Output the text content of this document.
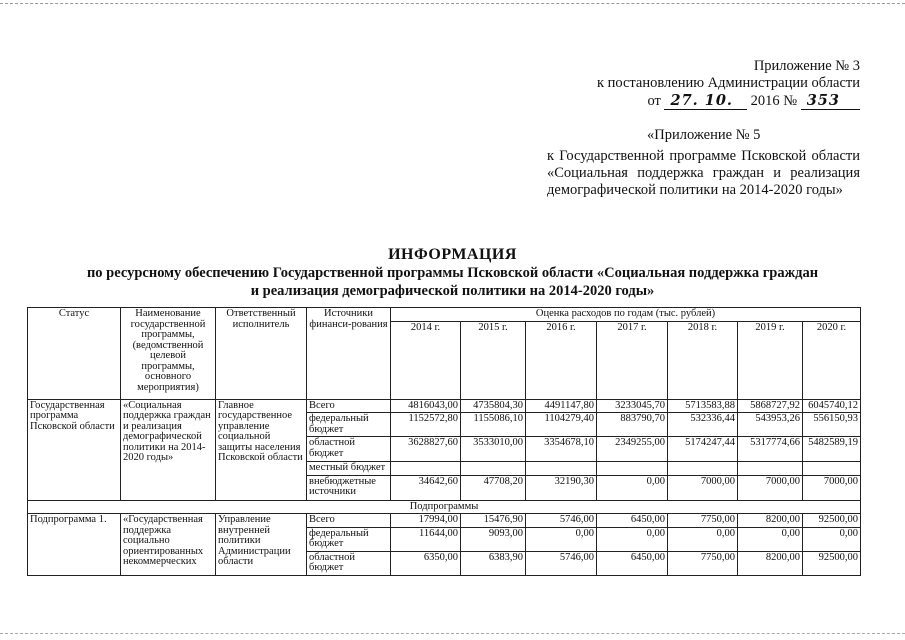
Приложение № 3
к постановлению Администрации области
от 27. 10. 2016 № 353
«Приложение № 5
к Государственной программе Псковской области «Социальная поддержка граждан и реализация демографической политики на 2014-2020 годы»
ИНФОРМАЦИЯ
по ресурсному обеспечению Государственной программы Псковской области «Социальная поддержка граждан
и реализация демографической политики на 2014-2020 годы»
Статус	Наименование государственной программы, (ведомственной целевой программы, основного мероприятия)	Ответственный исполнитель	Источники финанси-рования	Оценка расходов по годам (тыс. рублей)						
				2014 г.	2015 г.	2016 г.	2017 г.	2018 г.	2019 г.	2020 г.
Государственная программа Псковской области	«Социальная поддержка граждан и реализация демографической политики на 2014-2020 годы»	Главное государственное управление социальной защиты населения Псковской области	Всего	4816043,00	4735804,30	4491147,80	3233045,70	5713583,88	5868727,92	6045740,12
			федеральный бюджет	1152572,80	1155086,10	1104279,40	883790,70	532336,44	543953,26	556150,93
			областной бюджет	3628827,60	3533010,00	3354678,10	2349255,00	5174247,44	5317774,66	5482589,19
			местный бюджет							
			внебюджетные источники	34642,60	47708,20	32190,30	0,00	7000,00	7000,00	7000,00
Подпрограммы										
Подпрограмма 1.	«Государственная поддержка социально ориентированных некоммерческих	Управление внутренней политики Администрации области	Всего	17994,00	15476,90	5746,00	6450,00	7750,00	8200,00	92500,00
			федеральный бюджет	11644,00	9093,00	0,00	0,00	0,00	0,00	0,00
			областной бюджет	6350,00	6383,90	5746,00	6450,00	7750,00	8200,00	92500,00
